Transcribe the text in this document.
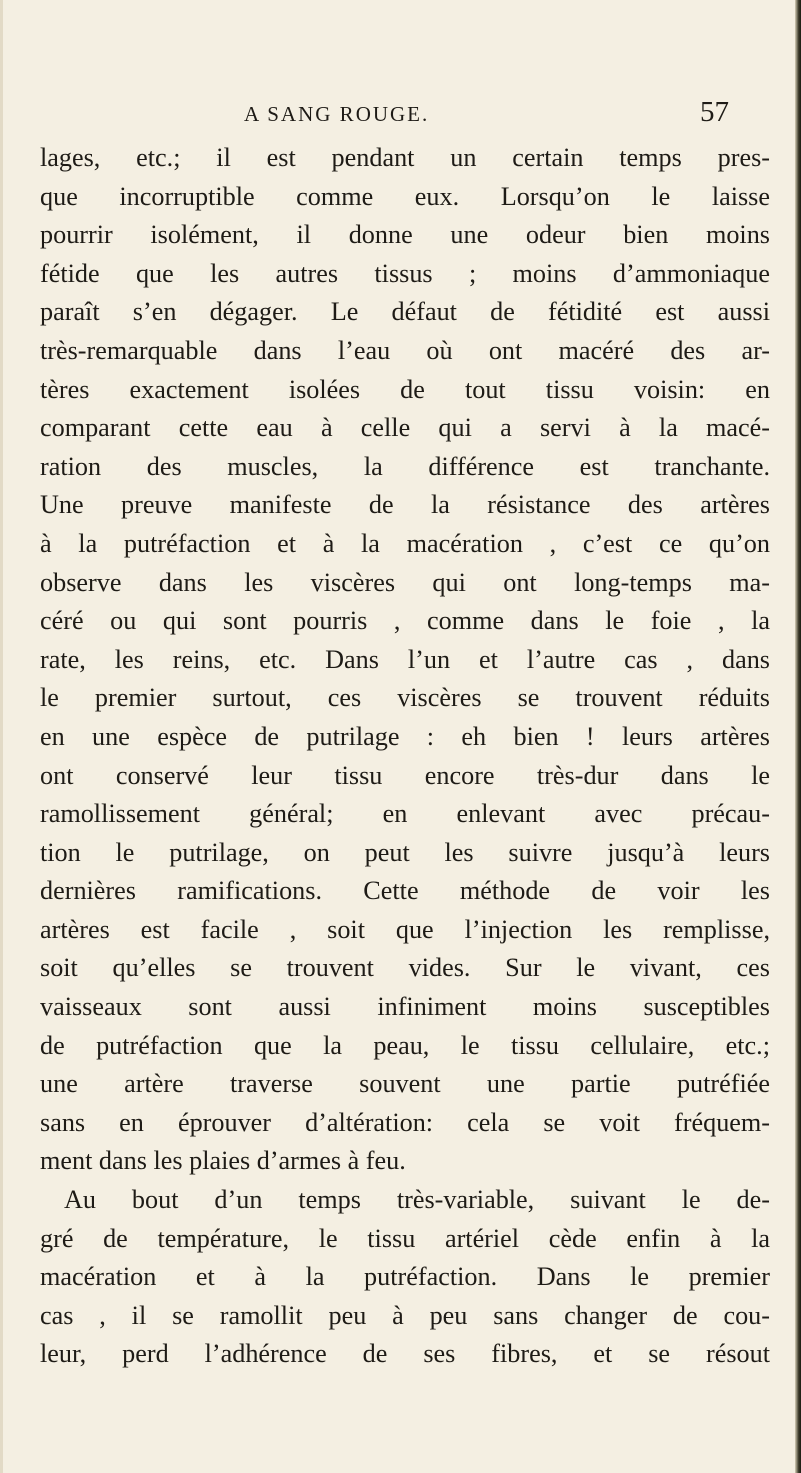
A SANG ROUGE.	57
lages, etc.; il est pendant un certain temps pres-
que incorruptible comme eux. Lorsqu’on le laisse
pourrir isolément, il donne une odeur bien moins
fétide que les autres tissus ; moins d’ammoniaque
paraît s’en dégager. Le défaut de fétidité est aussi
très-remarquable dans l’eau où ont macéré des ar-
tères exactement isolées de tout tissu voisin: en
comparant cette eau à celle qui a servi à la macé-
ration des muscles, la différence est tranchante.
Une preuve manifeste de la résistance des artères
à la putréfaction et à la macération , c’est ce qu’on
observe dans les viscères qui ont long-temps ma-
céré ou qui sont pourris , comme dans le foie , la
rate, les reins, etc. Dans l’un et l’autre cas , dans
le premier surtout, ces viscères se trouvent réduits
en une espèce de putrilage : eh bien ! leurs artères
ont conservé leur tissu encore très-dur dans le
ramollissement général; en enlevant avec précau-
tion le putrilage, on peut les suivre jusqu’à leurs
dernières ramifications. Cette méthode de voir les
artères est facile , soit que l’injection les remplisse,
soit qu’elles se trouvent vides. Sur le vivant, ces
vaisseaux sont aussi infiniment moins susceptibles
de putréfaction que la peau, le tissu cellulaire, etc.;
une artère traverse souvent une partie putréfiée
sans en éprouver d’altération: cela se voit fréquem-
ment dans les plaies d’armes à feu.
Au bout d’un temps très-variable, suivant le de-
gré de température, le tissu artériel cède enfin à la
macération et à la putréfaction. Dans le premier
cas , il se ramollit peu à peu sans changer de cou-
leur, perd l’adhérence de ses fibres, et se résout
